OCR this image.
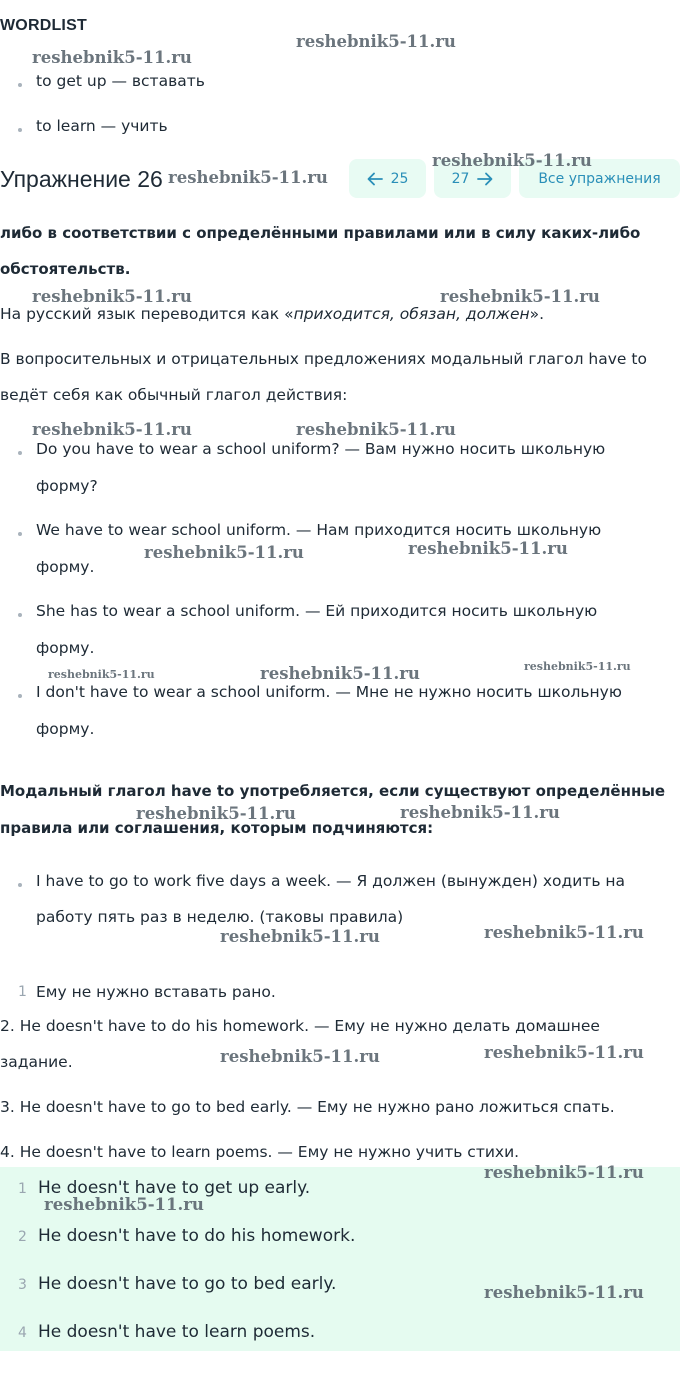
WORDLIST
to get up — вставать
to learn — учить
Упражнение 26	25	27	Все упражнения
либо в соответствии с определёнными правилами или в силу каких-либо
обстоятельств.
На русский язык переводится как «приходится, обязан, должен».
В вопросительных и отрицательных предложениях модальный глагол have to
ведёт себя как обычный глагол действия:
Do you have to wear a school uniform? — Вам нужно носить школьную
форму?
We have to wear school uniform. — Нам приходится носить школьную
форму.
She has to wear a school uniform. — Ей приходится носить школьную
форму.
I don't have to wear a school uniform. — Мне не нужно носить школьную
форму.
Модальный глагол have to употребляется, если существуют определённые
правила или соглашения, которым подчиняются:
I have to go to work five days a week. — Я должен (вынужден) ходить на
работу пять раз в неделю. (таковы правила)
1 Ему не нужно вставать рано.
2. He doesn't have to do his homework. — Ему не нужно делать домашнее
задание.
3. He doesn't have to go to bed early. — Ему не нужно рано ложиться спать.
4. He doesn't have to learn poems. — Ему не нужно учить стихи.
1 He doesn't have to get up early.
2 He doesn't have to do his homework.
3 He doesn't have to go to bed early.
4 He doesn't have to learn poems.
reshebnik5-11.ru
reshebnik5-11.ru
reshebnik5-11.ru
reshebnik5-11.ru
reshebnik5-11.ru	reshebnik5-11.ru
reshebnik5-11.ru	reshebnik5-11.ru
reshebnik5-11.ru	reshebnik5-11.ru
reshebnik5-11.ru	reshebnik5-11.ru	reshebnik5-11.ru
reshebnik5-11.ru	reshebnik5-11.ru
reshebnik5-11.ru	reshebnik5-11.ru
reshebnik5-11.ru	reshebnik5-11.ru
reshebnik5-11.ru
reshebnik5-11.ru
reshebnik5-11.ru
